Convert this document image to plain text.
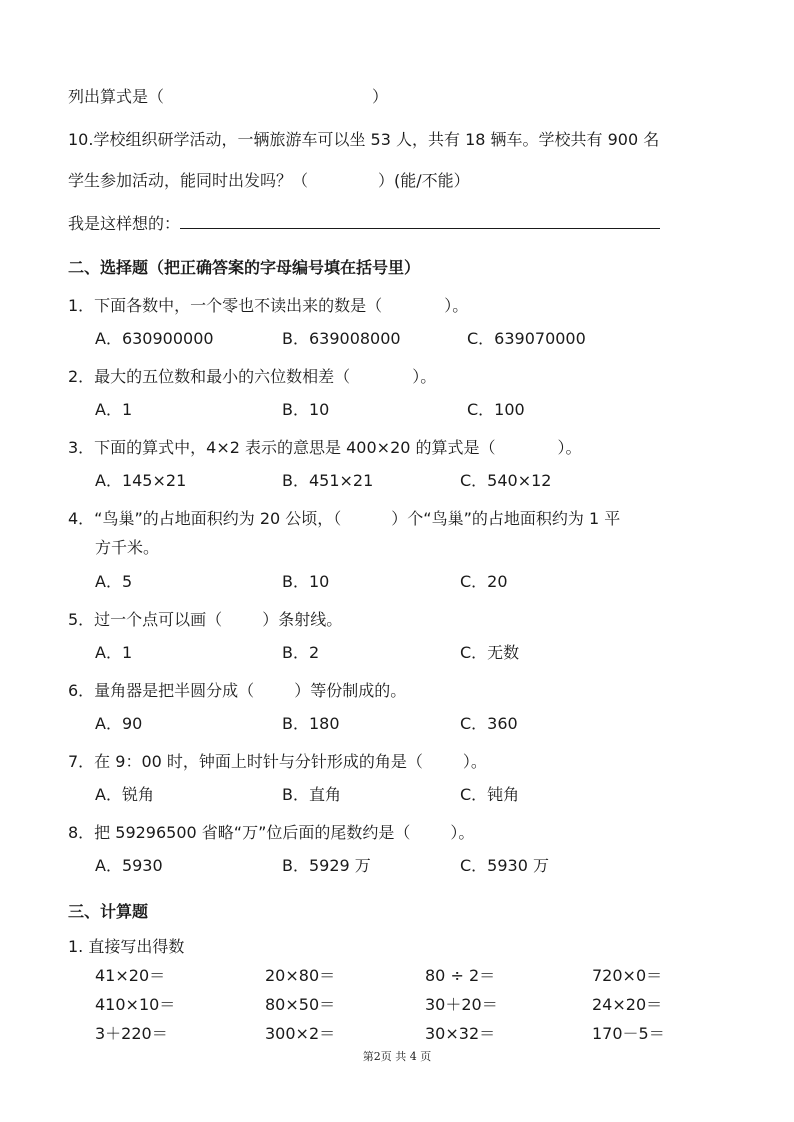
列出算式是（	）
10.学校组织研学活动，一辆旅游车可以坐 53 人，共有 18 辆车。学校共有 900 名
学生参加活动，能同时出发吗？（	）(能/不能）
我是这样想的：
二、选择题（把正确答案的字母编号填在括号里）
1．下面各数中，一个零也不读出来的数是（	）。
A．630900000	B．639008000	C．639070000
2．最大的五位数和最小的六位数相差（	）。
A．1	B．10	C．100
3．下面的算式中，4×2 表示的意思是 400×20 的算式是（	）。
A．145×21	B．451×21	C．540×12
4．“鸟巢”的占地面积约为 20 公顷，（	）个“鸟巢”的占地面积约为 1 平
方千米。
A．5	B．10	C．20
5．过一个点可以画（	）条射线。
A．1	B．2	C．无数
6．量角器是把半圆分成（	）等份制成的。
A．90	B．180	C．360
7．在 9：00 时，钟面上时针与分针形成的角是（	）。
A．锐角	B．直角	C．钝角
8．把 59296500 省略“万”位后面的尾数约是（	）。
A．5930	B．5929 万	C．5930 万
三、计算题
1. 直接写出得数
41×20＝	20×80＝	80 ÷ 2＝	720×0＝
410×10＝	80×50＝	30＋20＝	24×20＝
3＋220＝	300×2＝	30×32＝	170－5＝
第2页 共 4 页
